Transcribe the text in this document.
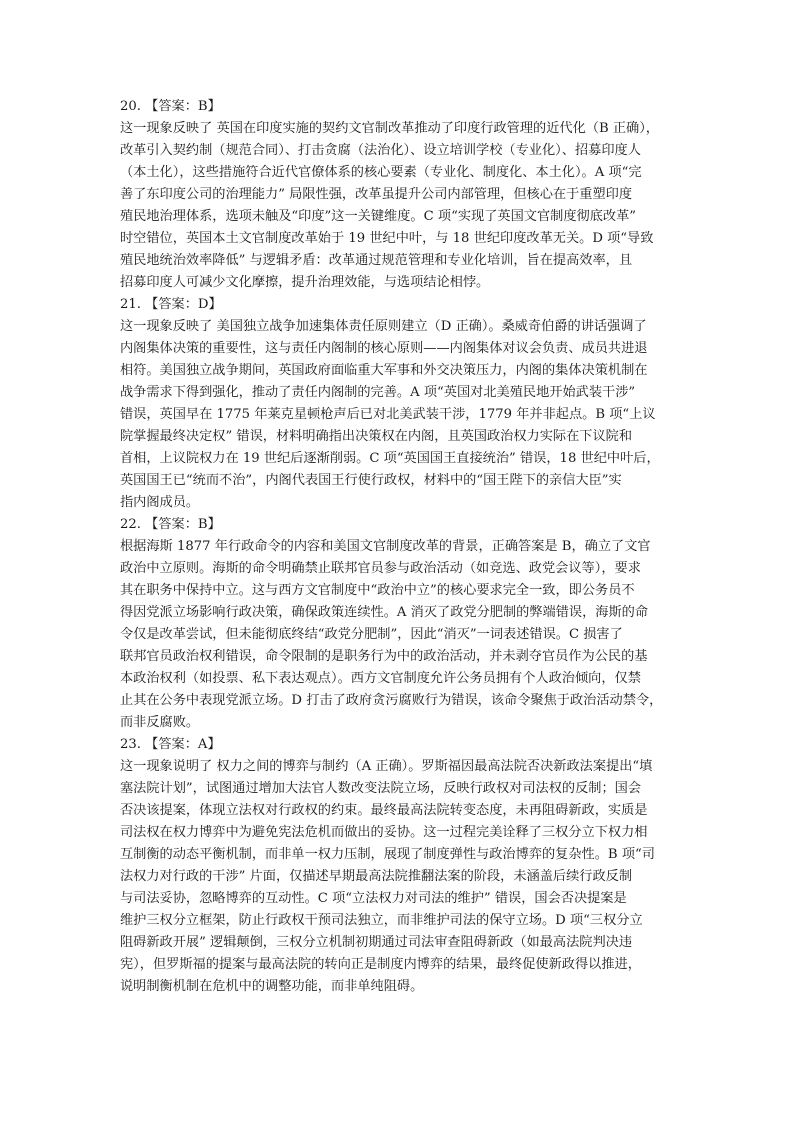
20. 【答案：B】
这一现象反映了 英国在印度实施的契约文官制改革推动了印度行政管理的近代化（B 正确），
改革引入契约制（规范合同）、打击贪腐（法治化）、设立培训学校（专业化）、招募印度人
（本土化），这些措施符合近代官僚体系的核心要素（专业化、制度化、本土化）。A 项“完
善了东印度公司的治理能力” 局限性强，改革虽提升公司内部管理，但核心在于重塑印度
殖民地治理体系，选项未触及“印度”这一关键维度。C 项“实现了英国文官制度彻底改革”
时空错位，英国本土文官制度改革始于 19 世纪中叶，与 18 世纪印度改革无关。D 项“导致
殖民地统治效率降低” 与逻辑矛盾：改革通过规范管理和专业化培训，旨在提高效率，且
招募印度人可减少文化摩擦，提升治理效能，与选项结论相悖。
21. 【答案：D】
这一现象反映了 美国独立战争加速集体责任原则建立（D 正确）。桑威奇伯爵的讲话强调了
内阁集体决策的重要性，这与责任内阁制的核心原则——内阁集体对议会负责、成员共进退
相符。美国独立战争期间，英国政府面临重大军事和外交决策压力，内阁的集体决策机制在
战争需求下得到强化，推动了责任内阁制的完善。A 项“英国对北美殖民地开始武装干涉”
错误，英国早在 1775 年莱克星顿枪声后已对北美武装干涉，1779 年并非起点。B 项“上议
院掌握最终决定权” 错误，材料明确指出决策权在内阁，且英国政治权力实际在下议院和
首相，上议院权力在 19 世纪后逐渐削弱。C 项“英国国王直接统治” 错误，18 世纪中叶后，
英国国王已“统而不治”，内阁代表国王行使行政权，材料中的“国王陛下的亲信大臣”实
指内阁成员。
22. 【答案：B】
根据海斯 1877 年行政命令的内容和美国文官制度改革的背景，正确答案是 B，确立了文官
政治中立原则。海斯的命令明确禁止联邦官员参与政治活动（如竞选、政党会议等），要求
其在职务中保持中立。这与西方文官制度中“政治中立”的核心要求完全一致，即公务员不
得因党派立场影响行政决策，确保政策连续性。A 消灭了政党分肥制的弊端错误，海斯的命
令仅是改革尝试，但未能彻底终结“政党分肥制”，因此“消灭”一词表述错误。C 损害了
联邦官员政治权利错误，命令限制的是职务行为中的政治活动，并未剥夺官员作为公民的基
本政治权利（如投票、私下表达观点）。西方文官制度允许公务员拥有个人政治倾向，仅禁
止其在公务中表现党派立场。D 打击了政府贪污腐败行为错误，该命令聚焦于政治活动禁令，
而非反腐败。
23. 【答案：A】
这一现象说明了 权力之间的博弈与制约（A 正确）。罗斯福因最高法院否决新政法案提出“填
塞法院计划”，试图通过增加大法官人数改变法院立场，反映行政权对司法权的反制；国会
否决该提案，体现立法权对行政权的约束。最终最高法院转变态度，未再阻碍新政，实质是
司法权在权力博弈中为避免宪法危机而做出的妥协。这一过程完美诠释了三权分立下权力相
互制衡的动态平衡机制，而非单一权力压制，展现了制度弹性与政治博弈的复杂性。B 项“司
法权力对行政的干涉” 片面，仅描述早期最高法院推翻法案的阶段，未涵盖后续行政反制
与司法妥协，忽略博弈的互动性。C 项“立法权力对司法的维护” 错误，国会否决提案是
维护三权分立框架，防止行政权干预司法独立，而非维护司法的保守立场。D 项“三权分立
阻碍新政开展” 逻辑颠倒，三权分立机制初期通过司法审查阻碍新政（如最高法院判决违
宪），但罗斯福的提案与最高法院的转向正是制度内博弈的结果，最终促使新政得以推进，
说明制衡机制在危机中的调整功能，而非单纯阻碍。
